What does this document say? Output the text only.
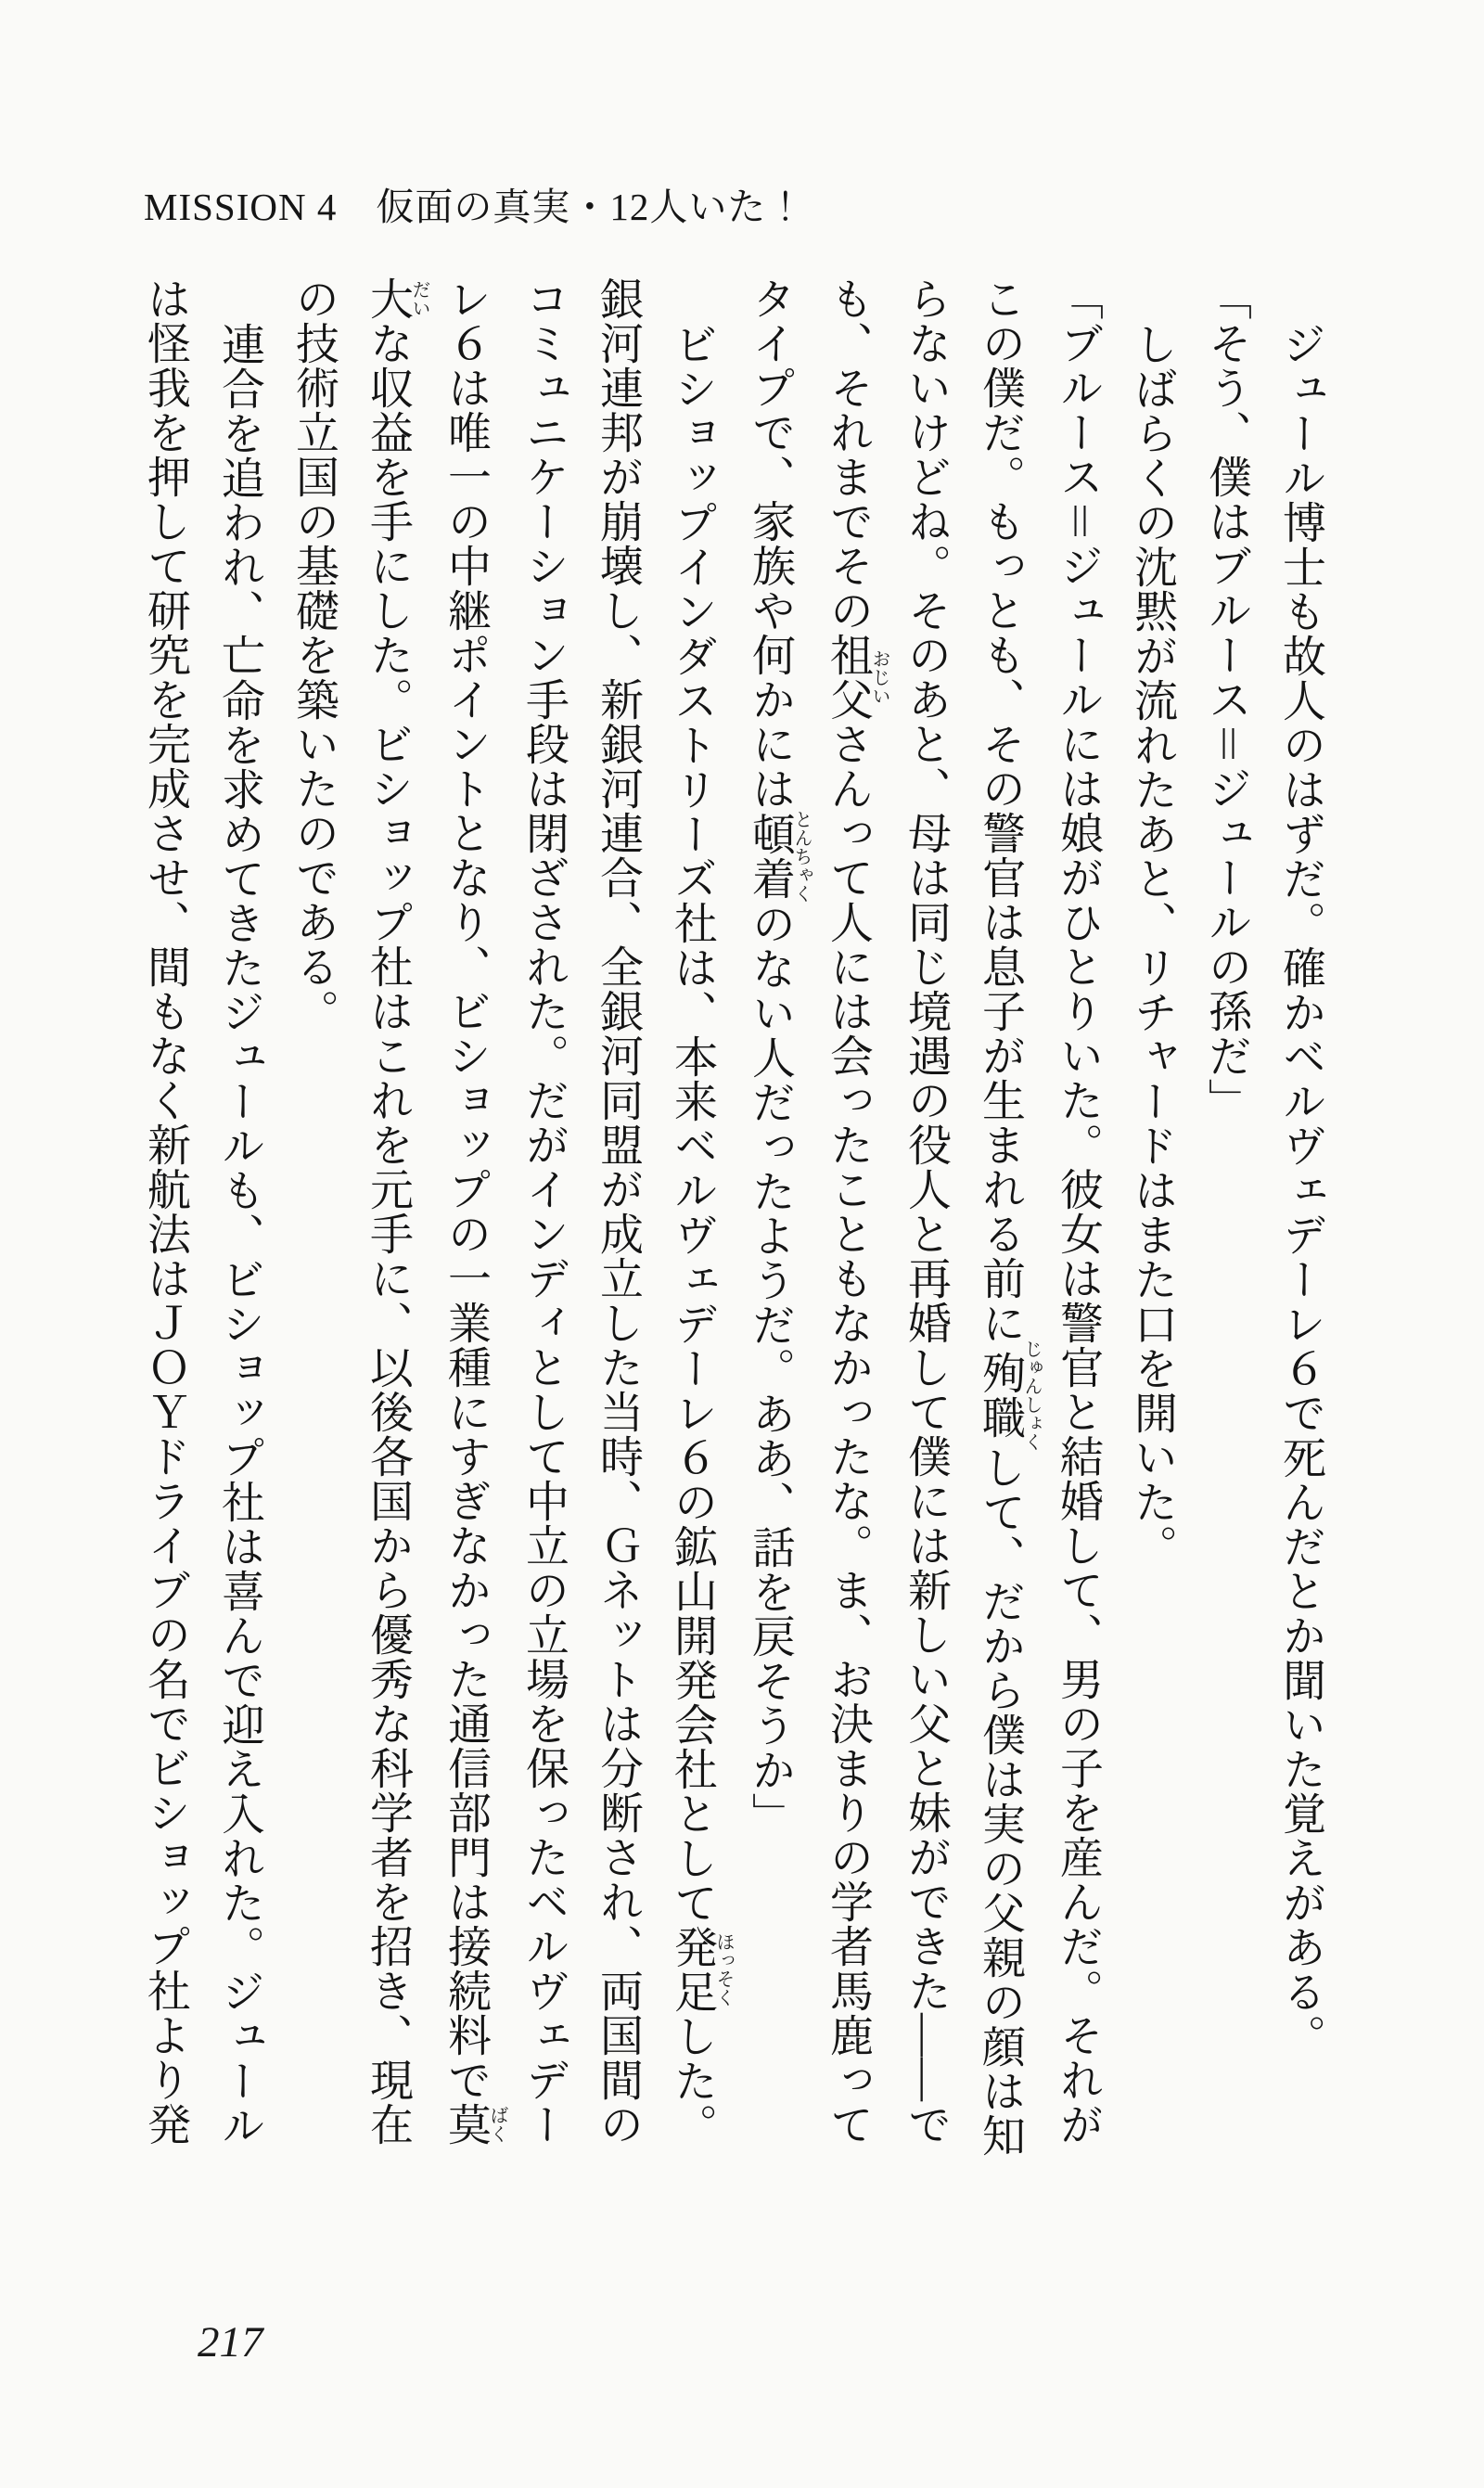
MISSION 4　仮面の真実・12人いた！
ジュール博士も故人のはずだ。確かベルヴェデーレ６で死んだとか聞いた覚えがある。
「そう、僕はブルース＝ジュールの孫だ」
しばらくの沈黙が流れたあと、リチャードはまた口を開いた。
「ブルース＝ジュールには娘がひとりいた。彼女は警官と結婚して、男の子を産んだ。それが
この僕だ。もっとも、その警官は息子が生まれる前に殉職じゅんしょくして、だから僕は実の父親の顔は知
らないけどね。そのあと、母は同じ境遇の役人と再婚して僕には新しい父と妹ができた——で
も、それまでその祖父おじいさんって人には会ったこともなかったな。ま、お決まりの学者馬鹿って
タイプで、家族や何かには頓着とんちゃくのない人だったようだ。ああ、話を戻そうか」
ビショップインダストリーズ社は、本来ベルヴェデーレ６の鉱山開発会社として発足ほっそくした。
銀河連邦が崩壊し、新銀河連合、全銀河同盟が成立した当時、Ｇネットは分断され、両国間の
コミュニケーション手段は閉ざされた。だがインディとして中立の立場を保ったベルヴェデー
レ６は唯一の中継ポイントとなり、ビショップの一業種にすぎなかった通信部門は接続料で莫ばく
大だいな収益を手にした。ビショップ社はこれを元手に、以後各国から優秀な科学者を招き、現在
の技術立国の基礎を築いたのである。
連合を追われ、亡命を求めてきたジュールも、ビショップ社は喜んで迎え入れた。ジュール
は怪我を押して研究を完成させ、間もなく新航法はＪＯＹドライブの名でビショップ社より発
217
